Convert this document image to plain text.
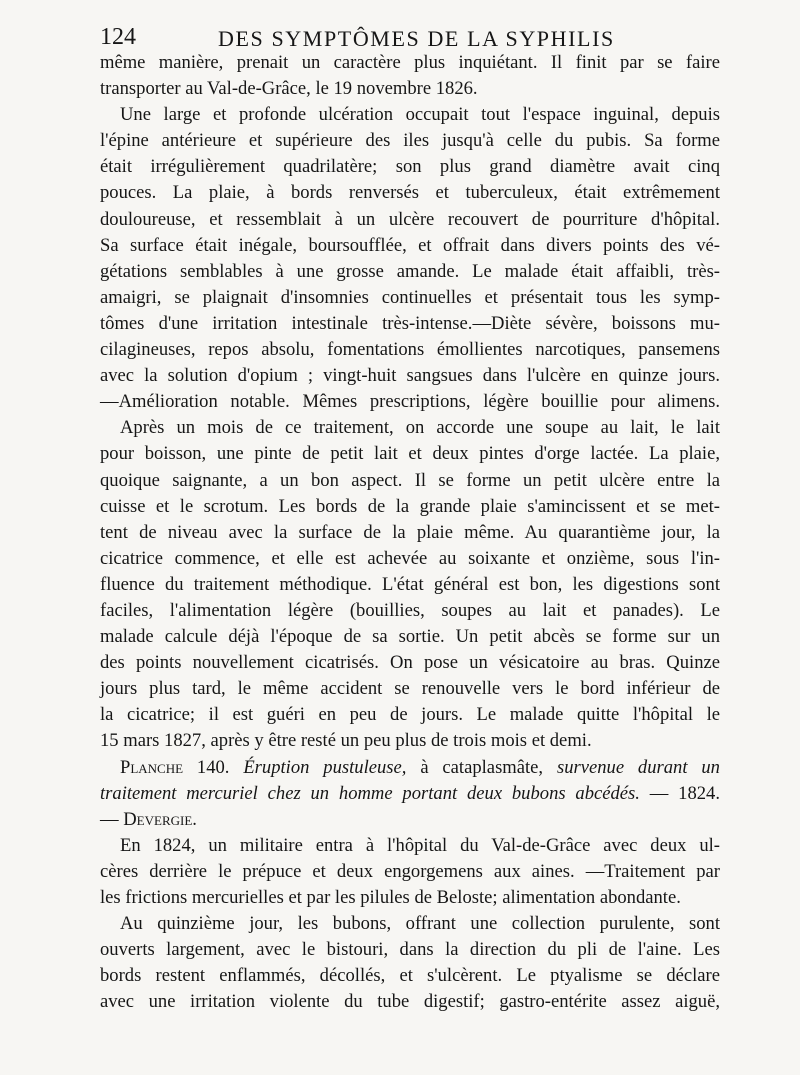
124	DES SYMPTÔMES DE LA SYPHILIS

même manière, prenait un caractère plus inquiétant. Il finit par se faire
transporter au Val-de-Grâce, le 19 novembre 1826.

Une large et profonde ulcération occupait tout l'espace inguinal, depuis
l'épine antérieure et supérieure des iles jusqu'à celle du pubis. Sa forme
était irrégulièrement quadrilatère; son plus grand diamètre avait cinq
pouces. La plaie, à bords renversés et tuberculeux, était extrêmement
douloureuse, et ressemblait à un ulcère recouvert de pourriture d'hôpital.
Sa surface était inégale, boursoufflée, et offrait dans divers points des vé-
gétations semblables à une grosse amande. Le malade était affaibli, très-
amaigri, se plaignait d'insomnies continuelles et présentait tous les symp-
tômes d'une irritation intestinale très-intense.—Diète sévère, boissons mu-
cilagineuses, repos absolu, fomentations émollientes narcotiques, pansemens
avec la solution d'opium ; vingt-huit sangsues dans l'ulcère en quinze jours.
—Amélioration notable. Mêmes prescriptions, légère bouillie pour alimens.

Après un mois de ce traitement, on accorde une soupe au lait, le lait
pour boisson, une pinte de petit lait et deux pintes d'orge lactée. La plaie,
quoique saignante, a un bon aspect. Il se forme un petit ulcère entre la
cuisse et le scrotum. Les bords de la grande plaie s'amincissent et se met-
tent de niveau avec la surface de la plaie même. Au quarantième jour, la
cicatrice commence, et elle est achevée au soixante et onzième, sous l'in-
fluence du traitement méthodique. L'état général est bon, les digestions sont
faciles, l'alimentation légère (bouillies, soupes au lait et panades). Le
malade calcule déjà l'époque de sa sortie. Un petit abcès se forme sur un
des points nouvellement cicatrisés. On pose un vésicatoire au bras. Quinze
jours plus tard, le même accident se renouvelle vers le bord inférieur de
la cicatrice; il est guéri en peu de jours. Le malade quitte l'hôpital le
15 mars 1827, après y être resté un peu plus de trois mois et demi.

Planche 140. Éruption pustuleuse, à cataplasmâte, survenue durant un
traitement mercuriel chez un homme portant deux bubons abcédés. — 1824.
— Devergie.

En 1824, un militaire entra à l'hôpital du Val-de-Grâce avec deux ul-
cères derrière le prépuce et deux engorgemens aux aines. —Traitement par
les frictions mercurielles et par les pilules de Beloste; alimentation abondante.

Au quinzième jour, les bubons, offrant une collection purulente, sont
ouverts largement, avec le bistouri, dans la direction du pli de l'aine. Les
bords restent enflammés, décollés, et s'ulcèrent. Le ptyalisme se déclare
avec une irritation violente du tube digestif; gastro-entérite assez aiguë,
